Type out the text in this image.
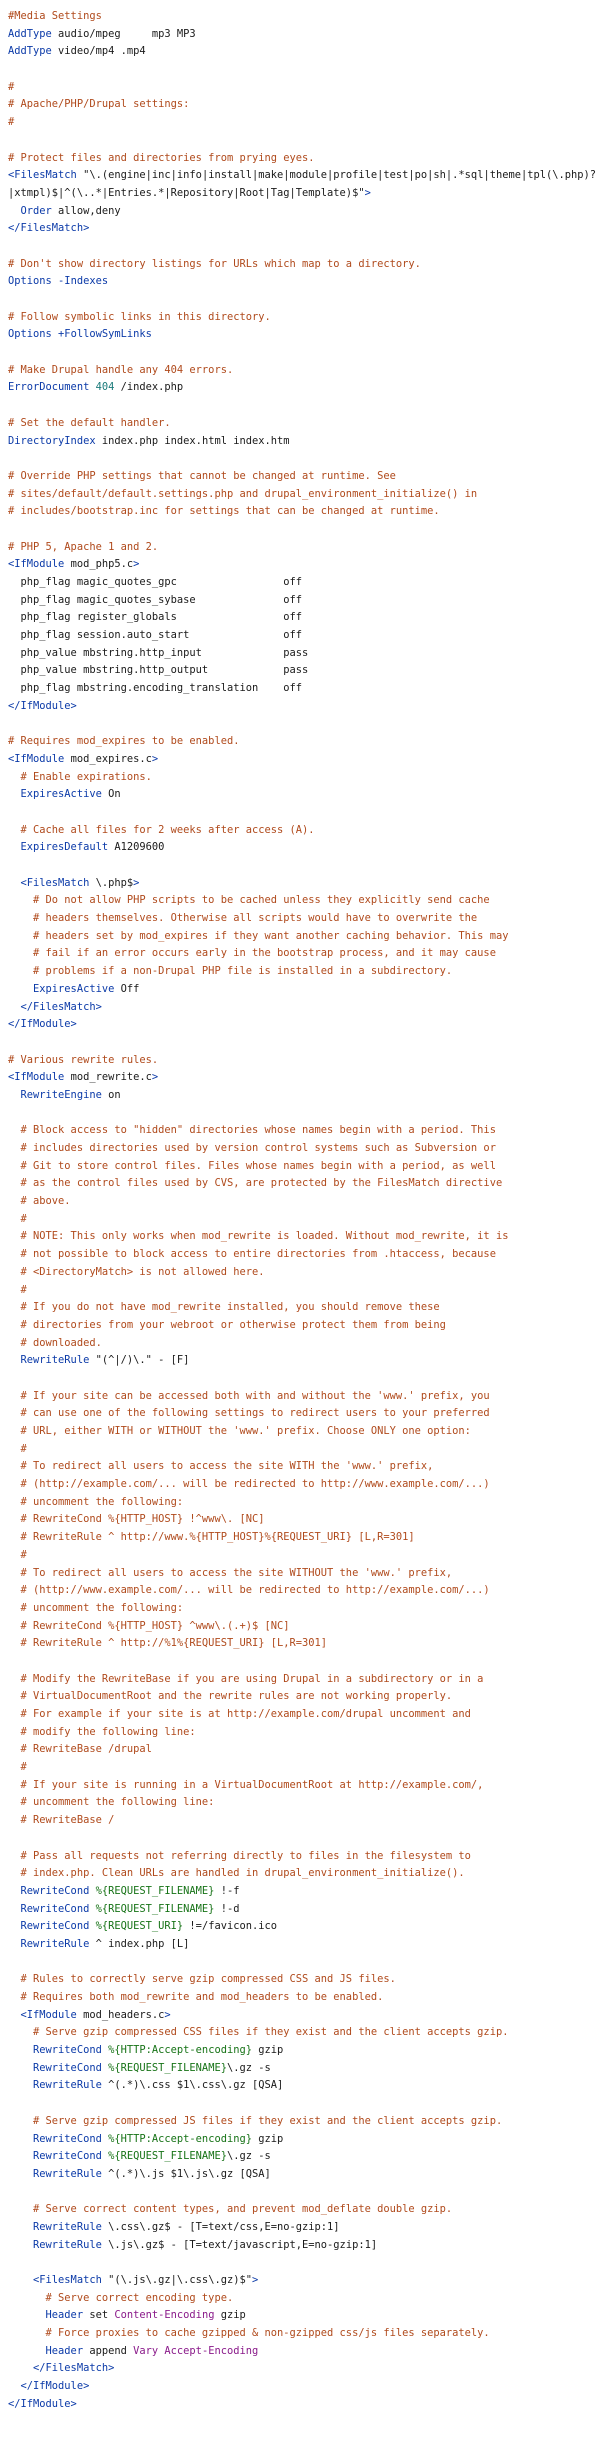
#Media Settings
AddType audio/mpeg     mp3 MP3
AddType video/mp4 .mp4
#
# Apache/PHP/Drupal settings:
#
# Protect files and directories from prying eyes.
<FilesMatch "\.(engine|inc|info|install|make|module|profile|test|po|sh|.*sql|theme|tpl(\.php)?
|xtmpl)$|^(\..*|Entries.*|Repository|Root|Tag|Template)$">
Order allow,deny
</FilesMatch>
# Don't show directory listings for URLs which map to a directory.
Options -Indexes
# Follow symbolic links in this directory.
Options +FollowSymLinks
# Make Drupal handle any 404 errors.
ErrorDocument 404 /index.php
# Set the default handler.
DirectoryIndex index.php index.html index.htm
# Override PHP settings that cannot be changed at runtime. See
# sites/default/default.settings.php and drupal_environment_initialize() in
# includes/bootstrap.inc for settings that can be changed at runtime.
# PHP 5, Apache 1 and 2.
<IfModule mod_php5.c>
php_flag magic_quotes_gpc                 off
php_flag magic_quotes_sybase              off
php_flag register_globals                 off
php_flag session.auto_start               off
php_value mbstring.http_input             pass
php_value mbstring.http_output            pass
php_flag mbstring.encoding_translation    off
</IfModule>
# Requires mod_expires to be enabled.
<IfModule mod_expires.c>
# Enable expirations.
ExpiresActive On
# Cache all files for 2 weeks after access (A).
ExpiresDefault A1209600
<FilesMatch \.php$>
# Do not allow PHP scripts to be cached unless they explicitly send cache
# headers themselves. Otherwise all scripts would have to overwrite the
# headers set by mod_expires if they want another caching behavior. This may
# fail if an error occurs early in the bootstrap process, and it may cause
# problems if a non-Drupal PHP file is installed in a subdirectory.
ExpiresActive Off
</FilesMatch>
</IfModule>
# Various rewrite rules.
<IfModule mod_rewrite.c>
RewriteEngine on
# Block access to "hidden" directories whose names begin with a period. This
# includes directories used by version control systems such as Subversion or
# Git to store control files. Files whose names begin with a period, as well
# as the control files used by CVS, are protected by the FilesMatch directive
# above.
#
# NOTE: This only works when mod_rewrite is loaded. Without mod_rewrite, it is
# not possible to block access to entire directories from .htaccess, because
# <DirectoryMatch> is not allowed here.
#
# If you do not have mod_rewrite installed, you should remove these
# directories from your webroot or otherwise protect them from being
# downloaded.
RewriteRule "(^|/)\." - [F]
# If your site can be accessed both with and without the 'www.' prefix, you
# can use one of the following settings to redirect users to your preferred
# URL, either WITH or WITHOUT the 'www.' prefix. Choose ONLY one option:
#
# To redirect all users to access the site WITH the 'www.' prefix,
# (http://example.com/... will be redirected to http://www.example.com/...)
# uncomment the following:
# RewriteCond %{HTTP_HOST} !^www\. [NC]
# RewriteRule ^ http://www.%{HTTP_HOST}%{REQUEST_URI} [L,R=301]
#
# To redirect all users to access the site WITHOUT the 'www.' prefix,
# (http://www.example.com/... will be redirected to http://example.com/...)
# uncomment the following:
# RewriteCond %{HTTP_HOST} ^www\.(.+)$ [NC]
# RewriteRule ^ http://%1%{REQUEST_URI} [L,R=301]
# Modify the RewriteBase if you are using Drupal in a subdirectory or in a
# VirtualDocumentRoot and the rewrite rules are not working properly.
# For example if your site is at http://example.com/drupal uncomment and
# modify the following line:
# RewriteBase /drupal
#
# If your site is running in a VirtualDocumentRoot at http://example.com/,
# uncomment the following line:
# RewriteBase /
# Pass all requests not referring directly to files in the filesystem to
# index.php. Clean URLs are handled in drupal_environment_initialize().
RewriteCond %{REQUEST_FILENAME} !-f
RewriteCond %{REQUEST_FILENAME} !-d
RewriteCond %{REQUEST_URI} !=/favicon.ico
RewriteRule ^ index.php [L]
# Rules to correctly serve gzip compressed CSS and JS files.
# Requires both mod_rewrite and mod_headers to be enabled.
<IfModule mod_headers.c>
# Serve gzip compressed CSS files if they exist and the client accepts gzip.
RewriteCond %{HTTP:Accept-encoding} gzip
RewriteCond %{REQUEST_FILENAME}\.gz -s
RewriteRule ^(.*)\.css $1\.css\.gz [QSA]
# Serve gzip compressed JS files if they exist and the client accepts gzip.
RewriteCond %{HTTP:Accept-encoding} gzip
RewriteCond %{REQUEST_FILENAME}\.gz -s
RewriteRule ^(.*)\.js $1\.js\.gz [QSA]
# Serve correct content types, and prevent mod_deflate double gzip.
RewriteRule \.css\.gz$ - [T=text/css,E=no-gzip:1]
RewriteRule \.js\.gz$ - [T=text/javascript,E=no-gzip:1]
<FilesMatch "(\.js\.gz|\.css\.gz)$">
# Serve correct encoding type.
Header set Content-Encoding gzip
# Force proxies to cache gzipped & non-gzipped css/js files separately.
Header append Vary Accept-Encoding
</FilesMatch>
</IfModule>
</IfModule>
